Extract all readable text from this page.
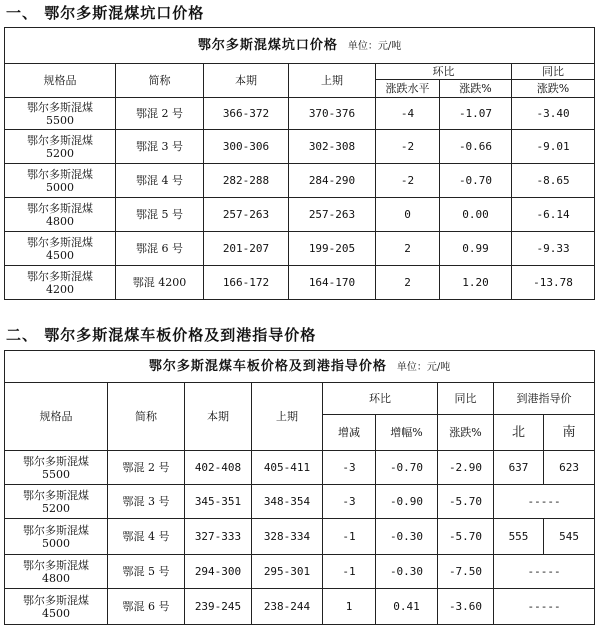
一、 鄂尔多斯混煤坑口价格
鄂尔多斯混煤坑口价格 单位：元/吨						
规格品	简称	本期	上期	环比		同比
				涨跌水平	涨跌%	涨跌%

鄂尔多斯混煤
5500	鄂混 2 号	366-372	370-376	-4	-1.07	-3.40

鄂尔多斯混煤
5200	鄂混 3 号	300-306	302-308	-2	-0.66	-9.01

鄂尔多斯混煤
5000	鄂混 4 号	282-288	284-290	-2	-0.70	-8.65

鄂尔多斯混煤
4800	鄂混 5 号	257-263	257-263	0	0.00	-6.14

鄂尔多斯混煤
4500	鄂混 6 号	201-207	199-205	2	0.99	-9.33

鄂尔多斯混煤
4200	鄂混 4200	166-172	164-170	2	1.20	-13.78
二、 鄂尔多斯混煤车板价格及到港指导价格
鄂尔多斯混煤车板价格及到港指导价格 单位：元/吨								
规格品	简称	本期	上期	环比		同比	到港指导价	
				增减	增幅%	涨跌%	北	南

鄂尔多斯混煤
5500	鄂混 2 号	402-408	405-411	-3	-0.70	-2.90	637	623

鄂尔多斯混煤
5200	鄂混 3 号	345-351	348-354	-3	-0.90	-5.70	-----	

鄂尔多斯混煤
5000	鄂混 4 号	327-333	328-334	-1	-0.30	-5.70	555	545

鄂尔多斯混煤
4800	鄂混 5 号	294-300	295-301	-1	-0.30	-7.50	-----	

鄂尔多斯混煤
4500	鄂混 6 号	239-245	238-244	1	0.41	-3.60	-----	
